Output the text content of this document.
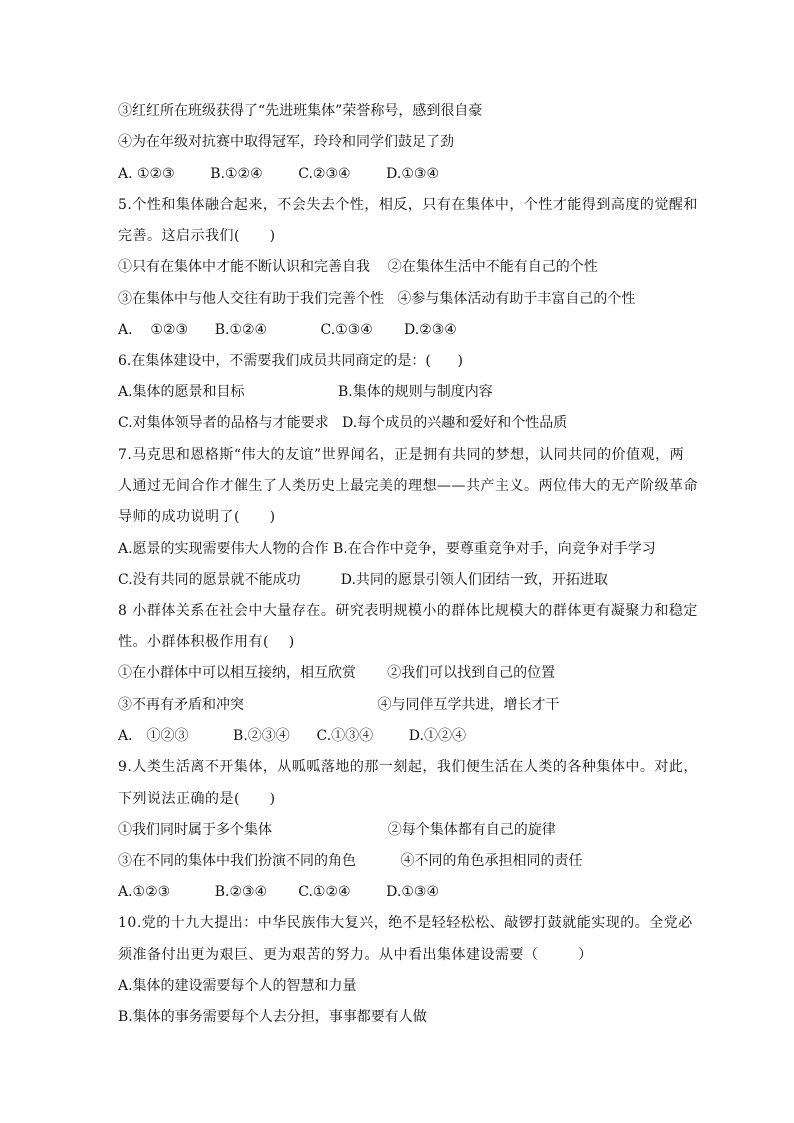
③红红所在班级获得了“先进班集体”荣誉称号，感到很自豪
④为在年级对抗赛中取得冠军，玲玲和同学们鼓足了劲
A. ①②③        B.①②④        C.②③④        D.①③④
5.个性和集体融合起来，不会失去个性，相反，只有在集体中，个性才能得到高度的觉醒和
完善。这启示我们(      )
①只有在集体中才能不断认识和完善自我    ②在集体生活中不能有自己的个性
③在集体中与他人交往有助于我们完善个性   ④参与集体活动有助于丰富自己的个性
A.    ①②③      B.①②④            C.①③④       D.②③④
6.在集体建设中，不需要我们成员共同商定的是：(      )
A.集体的愿景和目标                     B.集体的规则与制度内容
C.对集体领导者的品格与才能要求   D.每个成员的兴趣和爱好和个性品质
7.马克思和恩格斯“伟大的友谊”世界闻名，正是拥有共同的梦想，认同共同的价值观，两
人通过无间合作才催生了人类历史上最完美的理想——共产主义。两位伟大的无产阶级革命
导师的成功说明了(      )
A.愿景的实现需要伟大人物的合作 B.在合作中竞争，要尊重竞争对手，向竞争对手学习
C.没有共同的愿景就不能成功         D.共同的愿景引领人们团结一致，开拓进取
8 小群体关系在社会中大量存在。研究表明规模小的群体比规模大的群体更有凝聚力和稳定
性。小群体积极作用有(    )
①在小群体中可以相互接纳，相互欣赏       ②我们可以找到自己的位置
③不再有矛盾和冲突                              ④与同伴互学共进，增长才干
A． ①②③          B.②③④      C.①③④        D.①②④
9.人类生活离不开集体，从呱呱落地的那一刻起，我们便生活在人类的各种集体中。对此，
下列说法正确的是(      )
①我们同时属于多个集体                          ②每个集体都有自己的旋律
③在不同的集体中我们扮演不同的角色          ④不同的角色承担相同的责任
A.①②③          B.②③④       C.①②④        D.①③④
10.党的十九大提出：中华民族伟大复兴，绝不是轻轻松松、敲锣打鼓就能实现的。全党必
须准备付出更为艰巨、更为艰苦的努力。从中看出集体建设需要（        ）
A.集体的建设需要每个人的智慧和力量
B.集体的事务需要每个人去分担，事事都要有人做
